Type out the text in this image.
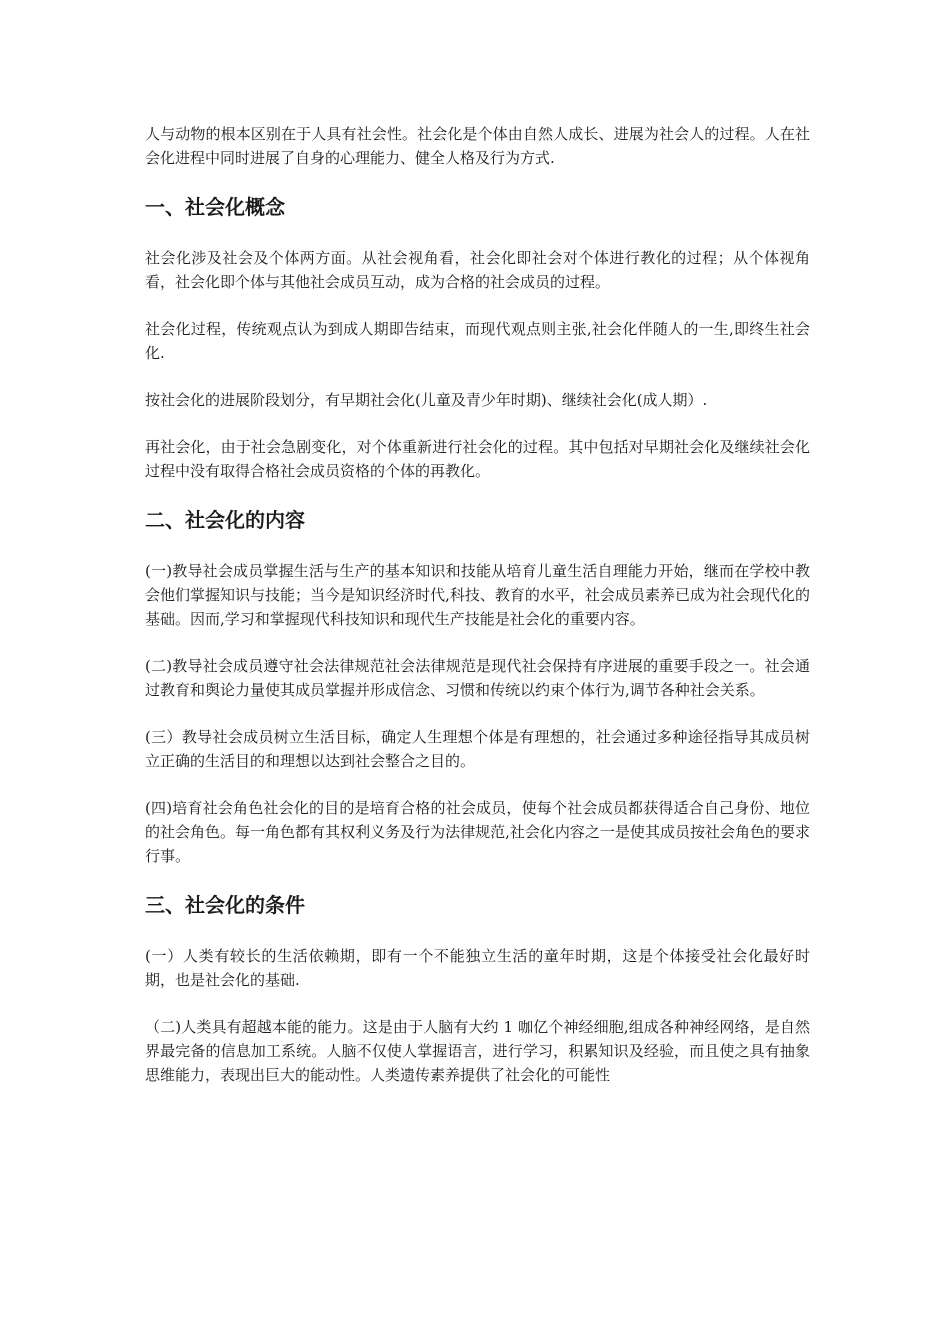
人与动物的根本区别在于人具有社会性。社会化是个体由自然人成长、进展为社会人的过程。人在社会化进程中同时进展了自身的心理能力、健全人格及行为方式.

一、社会化概念

社会化涉及社会及个体两方面。从社会视角看，社会化即社会对个体进行教化的过程；从个体视角看，社会化即个体与其他社会成员互动，成为合格的社会成员的过程。

社会化过程，传统观点认为到成人期即告结束，而现代观点则主张,社会化伴随人的一生,即终生社会化.

按社会化的进展阶段划分，有早期社会化(儿童及青少年时期)、继续社会化(成人期）.

再社会化，由于社会急剧变化，对个体重新进行社会化的过程。其中包括对早期社会化及继续社会化过程中没有取得合格社会成员资格的个体的再教化。

二、社会化的内容

(一)教导社会成员掌握生活与生产的基本知识和技能从培育儿童生活自理能力开始，继而在学校中教会他们掌握知识与技能；当今是知识经济时代,科技、教育的水平，社会成员素养已成为社会现代化的基础。因而,学习和掌握现代科技知识和现代生产技能是社会化的重要内容。

(二)教导社会成员遵守社会法律规范社会法律规范是现代社会保持有序进展的重要手段之一。社会通过教育和舆论力量使其成员掌握并形成信念、习惯和传统以约束个体行为,调节各种社会关系。

(三）教导社会成员树立生活目标，确定人生理想个体是有理想的，社会通过多种途径指导其成员树立正确的生活目的和理想以达到社会整合之目的。

(四)培育社会角色社会化的目的是培育合格的社会成员，使每个社会成员都获得适合自己身份、地位的社会角色。每一角色都有其权利义务及行为法律规范,社会化内容之一是使其成员按社会角色的要求行事。

三、社会化的条件

(一）人类有较长的生活依赖期，即有一个不能独立生活的童年时期，这是个体接受社会化最好时期，也是社会化的基础.

（二)人类具有超越本能的能力。这是由于人脑有大约 1 咖亿个神经细胞,组成各种神经网络，是自然界最完备的信息加工系统。人脑不仅使人掌握语言，进行学习，积累知识及经验，而且使之具有抽象思维能力，表现出巨大的能动性。人类遗传素养提供了社会化的可能性
